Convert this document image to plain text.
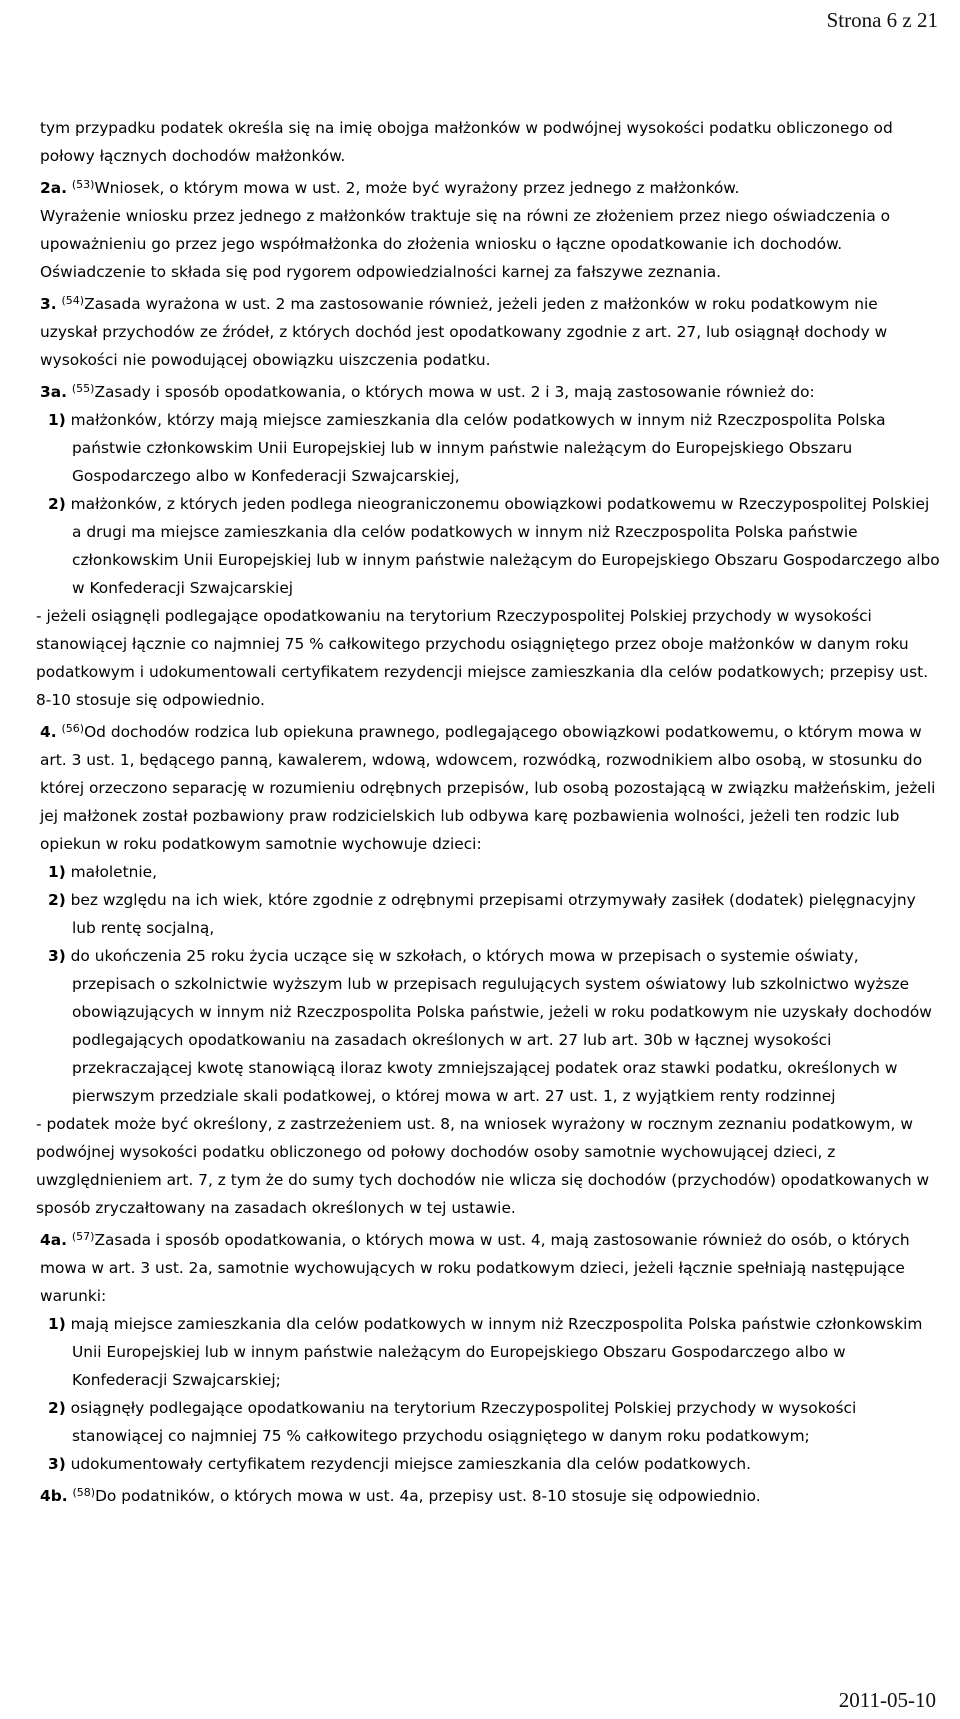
Strona 6 z 21

tym przypadku podatek określa się na imię obojga małżonków w podwójnej wysokości podatku obliczonego od połowy łącznych dochodów małżonków.

2a. $^{(53)}$Wniosek, o którym mowa w ust. 2, może być wyrażony przez jednego z małżonków.

Wyrażenie wniosku przez jednego z małżonków traktuje się na równi ze złożeniem przez niego oświadczenia o upoważnieniu go przez jego współmałżonka do złożenia wniosku o łączne opodatkowanie ich dochodów. Oświadczenie to składa się pod rygorem odpowiedzialności karnej za fałszywe zeznania.

3. $^{(54)}$Zasada wyrażona w ust. 2 ma zastosowanie również, jeżeli jeden z małżonków w roku podatkowym nie uzyskał przychodów ze źródeł, z których dochód jest opodatkowany zgodnie z art. 27, lub osiągnął dochody w wysokości nie powodującej obowiązku uiszczenia podatku.

3a. $^{(55)}$Zasady i sposób opodatkowania, o których mowa w ust. 2 i 3, mają zastosowanie również do:

1) małżonków, którzy mają miejsce zamieszkania dla celów podatkowych w innym niż Rzeczpospolita Polska państwie członkowskim Unii Europejskiej lub w innym państwie należącym do Europejskiego Obszaru Gospodarczego albo w Konfederacji Szwajcarskiej,

2) małżonków, z których jeden podlega nieograniczonemu obowiązkowi podatkowemu w Rzeczypospolitej Polskiej a drugi ma miejsce zamieszkania dla celów podatkowych w innym niż Rzeczpospolita Polska państwie członkowskim Unii Europejskiej lub w innym państwie należącym do Europejskiego Obszaru Gospodarczego albo w Konfederacji Szwajcarskiej

- jeżeli osiągnęli podlegające opodatkowaniu na terytorium Rzeczypospolitej Polskiej przychody w wysokości stanowiącej łącznie co najmniej 75 % całkowitego przychodu osiągniętego przez oboje małżonków w danym roku podatkowym i udokumentowali certyfikatem rezydencji miejsce zamieszkania dla celów podatkowych; przepisy ust. 8-10 stosuje się odpowiednio.

4. $^{(56)}$Od dochodów rodzica lub opiekuna prawnego, podlegającego obowiązkowi podatkowemu, o którym mowa w art. 3 ust. 1, będącego panną, kawalerem, wdową, wdowcem, rozwódką, rozwodnikiem albo osobą, w stosunku do której orzeczono separację w rozumieniu odrębnych przepisów, lub osobą pozostającą w związku małżeńskim, jeżeli jej małżonek został pozbawiony praw rodzicielskich lub odbywa karę pozbawienia wolności, jeżeli ten rodzic lub opiekun w roku podatkowym samotnie wychowuje dzieci:

1) małoletnie,

2) bez względu na ich wiek, które zgodnie z odrębnymi przepisami otrzymywały zasiłek (dodatek) pielęgnacyjny lub rentę socjalną,

3) do ukończenia 25 roku życia uczące się w szkołach, o których mowa w przepisach o systemie oświaty, przepisach o szkolnictwie wyższym lub w przepisach regulujących system oświatowy lub szkolnictwo wyższe obowiązujących w innym niż Rzeczpospolita Polska państwie, jeżeli w roku podatkowym nie uzyskały dochodów podlegających opodatkowaniu na zasadach określonych w art. 27 lub art. 30b w łącznej wysokości przekraczającej kwotę stanowiącą iloraz kwoty zmniejszającej podatek oraz stawki podatku, określonych w pierwszym przedziale skali podatkowej, o której mowa w art. 27 ust. 1, z wyjątkiem renty rodzinnej

- podatek może być określony, z zastrzeżeniem ust. 8, na wniosek wyrażony w rocznym zeznaniu podatkowym, w podwójnej wysokości podatku obliczonego od połowy dochodów osoby samotnie wychowującej dzieci, z uwzględnieniem art. 7, z tym że do sumy tych dochodów nie wlicza się dochodów (przychodów) opodatkowanych w sposób zryczałtowany na zasadach określonych w tej ustawie.

4a. $^{(57)}$Zasada i sposób opodatkowania, o których mowa w ust. 4, mają zastosowanie również do osób, o których mowa w art. 3 ust. 2a, samotnie wychowujących w roku podatkowym dzieci, jeżeli łącznie spełniają następujące warunki:

1) mają miejsce zamieszkania dla celów podatkowych w innym niż Rzeczpospolita Polska państwie członkowskim Unii Europejskiej lub w innym państwie należącym do Europejskiego Obszaru Gospodarczego albo w Konfederacji Szwajcarskiej;

2) osiągnęły podlegające opodatkowaniu na terytorium Rzeczypospolitej Polskiej przychody w wysokości stanowiącej co najmniej 75 % całkowitego przychodu osiągniętego w danym roku podatkowym;

3) udokumentowały certyfikatem rezydencji miejsce zamieszkania dla celów podatkowych.

4b. $^{(58)}$Do podatników, o których mowa w ust. 4a, przepisy ust. 8-10 stosuje się odpowiednio.

2011-05-10
